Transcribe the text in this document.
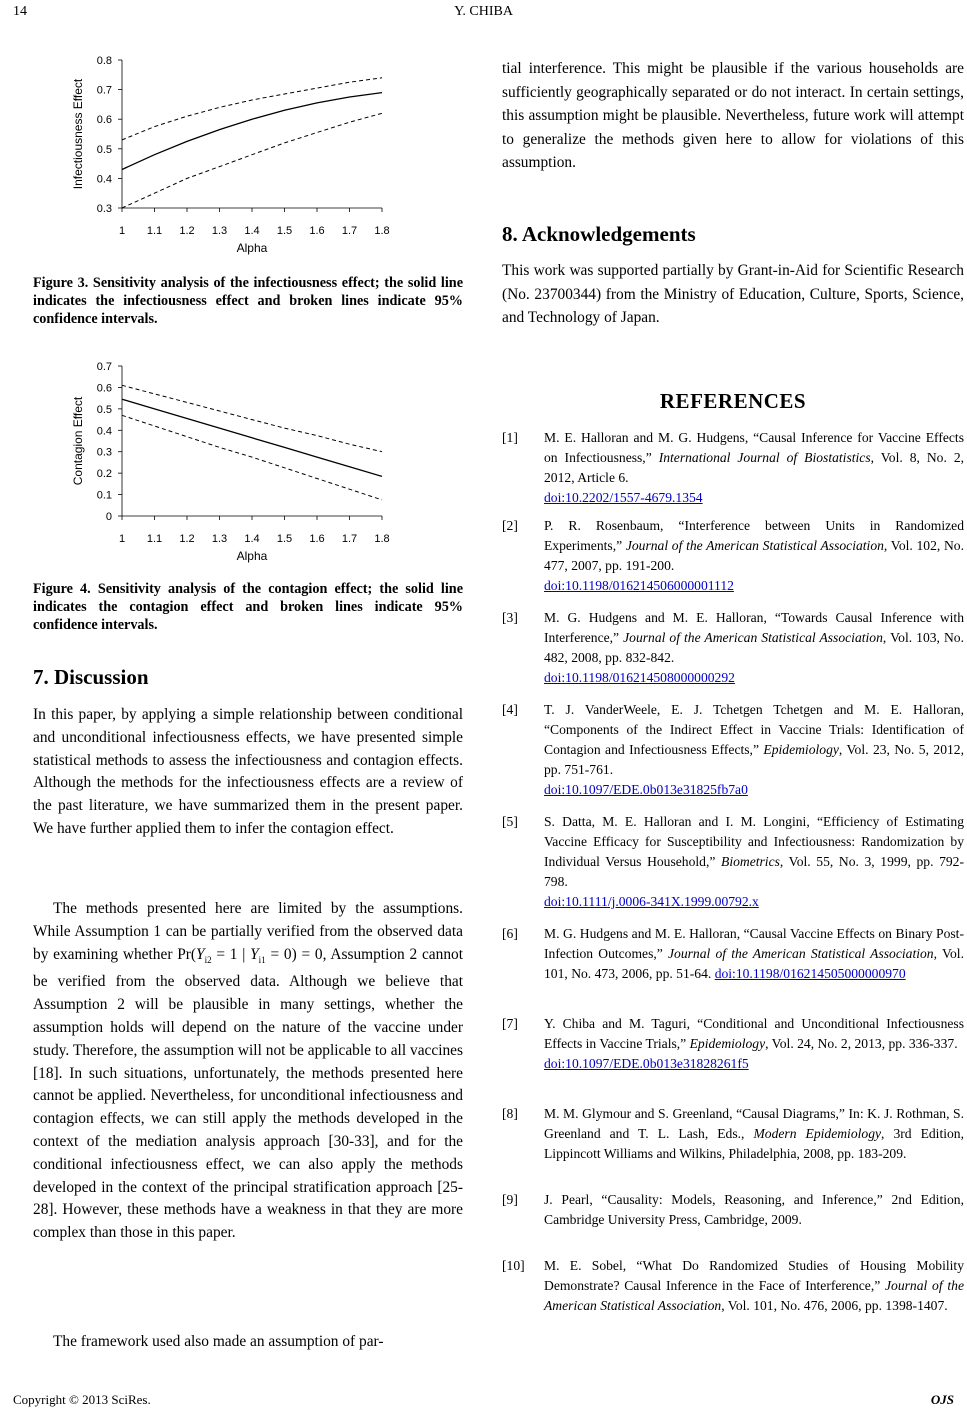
14	Y. CHIBA
0.3
0.4
0.5
0.6
0.7
0.8
1 1.1 1.2 1.3 1.4 1.5 1.6 1.7 1.8
Alpha
Infectiousness Effect
Figure 3. Sensitivity analysis of the infectiousness effect; the solid line indicates the infectiousness effect and broken lines indicate 95% confidence intervals.
0
0.1
0.2
0.3
0.4
0.5
0.6
0.7
1 1.1 1.2 1.3 1.4 1.5 1.6 1.7 1.8
Alpha
Contagion Effect
Figure 4. Sensitivity analysis of the contagion effect; the solid line indicates the contagion effect and broken lines indicate 95% confidence intervals.
7. Discussion
In this paper, by applying a simple relationship between conditional and unconditional infectiousness effects, we have presented simple statistical methods to assess the infectiousness and contagion effects. Although the methods for the infectiousness effects are a review of the past literature, we have summarized them in the present paper. We have further applied them to infer the contagion effect.
The methods presented here are limited by the assumptions. While Assumption 1 can be partially verified from the observed data by examining whether $Pr(Y_{i2} = 1$ | $Y_{i1} = 0) = 0$, Assumption 2 cannot be verified from the observed data. Although we believe that Assumption 2 will be plausible in many settings, whether the assumption holds will depend on the nature of the vaccine under study. Therefore, the assumption will not be applicable to all vaccines [18]. In such situations, unfortunately, the methods presented here cannot be applied. Nevertheless, for unconditional infectiousness and contagion effects, we can still apply the methods developed in the context of the mediation analysis approach [30-33], and for the conditional infectiousness effect, we can also apply the methods developed in the context of the principal stratification approach [25-28]. However, these methods have a weakness in that they are more complex than those in this paper.
The framework used also made an assumption of par-
tial interference. This might be plausible if the various households are sufficiently geographically separated or do not interact. In certain settings, this assumption might be plausible. Nevertheless, future work will attempt to generalize the methods given here to allow for violations of this assumption.
8. Acknowledgements
This work was supported partially by Grant-in-Aid for Scientific Research (No. 23700344) from the Ministry of Education, Culture, Sports, Science, and Technology of Japan.
REFERENCES
[1]	M. E. Halloran and M. G. Hudgens, “Causal Inference for Vaccine Effects on Infectiousness,” International Journal of Biostatistics, Vol. 8, No. 2, 2012, Article 6.
doi:10.2202/1557-4679.1354
[2]	P. R. Rosenbaum, “Interference between Units in Randomized Experiments,” Journal of the American Statistical Association, Vol. 102, No. 477, 2007, pp. 191-200.
doi:10.1198/016214506000001112
[3]	M. G. Hudgens and M. E. Halloran, “Towards Causal Inference with Interference,” Journal of the American Statistical Association, Vol. 103, No. 482, 2008, pp. 832-842.
doi:10.1198/016214508000000292
[4]	T. J. VanderWeele, E. J. Tchetgen Tchetgen and M. E. Halloran, “Components of the Indirect Effect in Vaccine Trials: Identification of Contagion and Infectiousness Effects,” Epidemiology, Vol. 23, No. 5, 2012, pp. 751-761.
doi:10.1097/EDE.0b013e31825fb7a0
[5]	S. Datta, M. E. Halloran and I. M. Longini, “Efficiency of Estimating Vaccine Efficacy for Susceptibility and Infectiousness: Randomization by Individual Versus Household,” Biometrics, Vol. 55, No. 3, 1999, pp. 792-798.
doi:10.1111/j.0006-341X.1999.00792.x
[6]	M. G. Hudgens and M. E. Halloran, “Causal Vaccine Effects on Binary Post-Infection Outcomes,” Journal of the American Statistical Association, Vol. 101, No. 473, 2006, pp. 51-64. doi:10.1198/016214505000000970
[7]	Y. Chiba and M. Taguri, “Conditional and Unconditional Infectiousness Effects in Vaccine Trials,” Epidemiology, Vol. 24, No. 2, 2013, pp. 336-337.
doi:10.1097/EDE.0b013e31828261f5
[8]	M. M. Glymour and S. Greenland, “Causal Diagrams,” In: K. J. Rothman, S. Greenland and T. L. Lash, Eds., Modern Epidemiology, 3rd Edition, Lippincott Williams and Wilkins, Philadelphia, 2008, pp. 183-209.
[9]	J. Pearl, “Causality: Models, Reasoning, and Inference,” 2nd Edition, Cambridge University Press, Cambridge, 2009.
[10]	M. E. Sobel, “What Do Randomized Studies of Housing Mobility Demonstrate? Causal Inference in the Face of Interference,” Journal of the American Statistical Association, Vol. 101, No. 476, 2006, pp. 1398-1407.
Copyright © 2013 SciRes.	OJS
